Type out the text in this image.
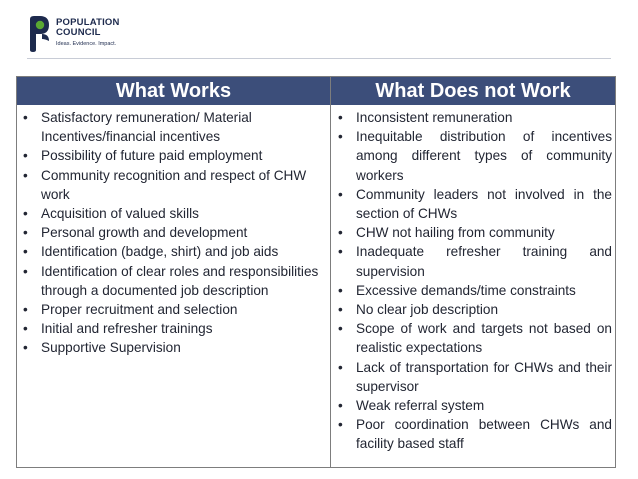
POPULATION
COUNCIL
Ideas. Evidence. Impact.
What Works	What Does not Work
• Satisfactory remuneration/ Material Incentives/financial incentives
• Possibility of future paid employment
• Community recognition and respect of CHW work
• Acquisition of valued skills
• Personal growth and development
• Identification (badge, shirt) and job aids
• Identification of clear roles and responsibilities through a documented job description
• Proper recruitment and selection
• Initial and refresher trainings
• Supportive Supervision
• Inconsistent remuneration
• Inequitable distribution of incentives among different types of community workers
• Community leaders not involved in the section of CHWs
• CHW not hailing from community
• Inadequate refresher training and supervision
• Excessive demands/time constraints
• No clear job description
• Scope of work and targets not based on realistic expectations
• Lack of transportation for CHWs and their supervisor
• Weak referral system
• Poor coordination between CHWs and facility based staff
